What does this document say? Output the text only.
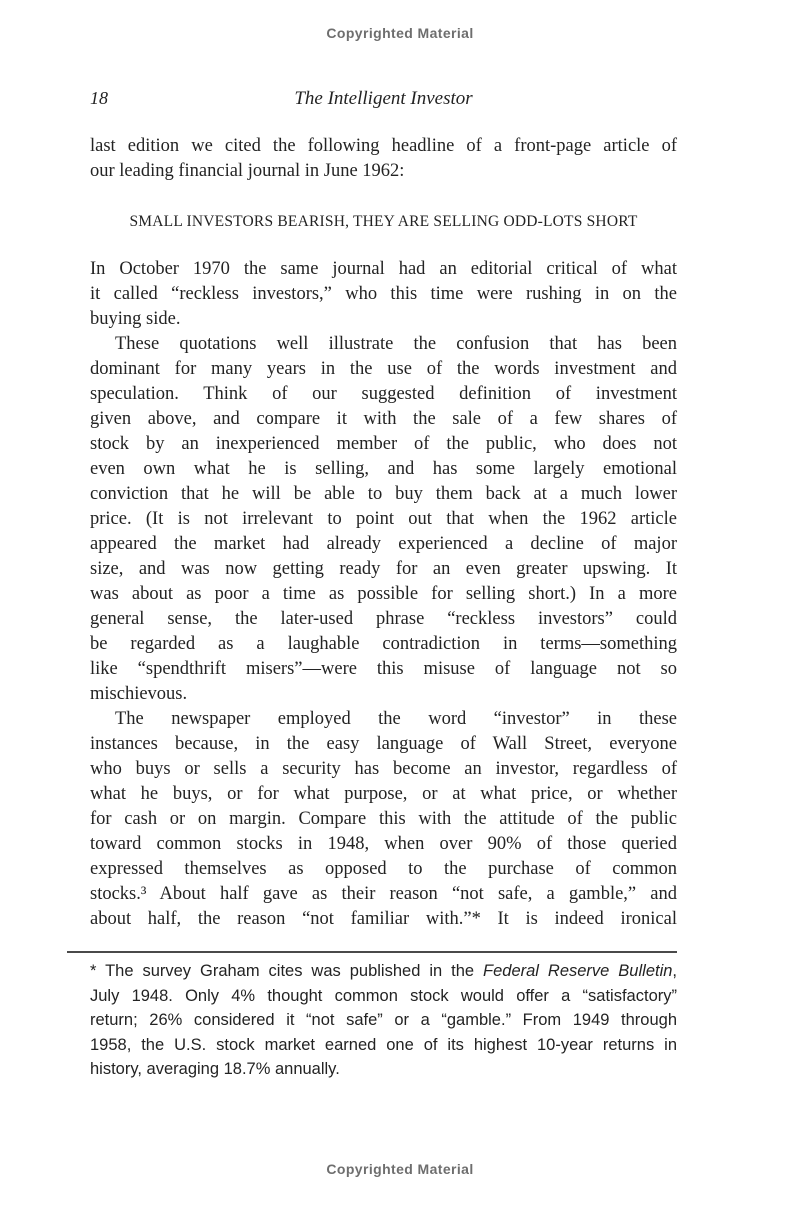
Copyrighted Material
18	The Intelligent Investor

last edition we cited the following headline of a front-page article of
our leading financial journal in June 1962:

SMALL INVESTORS BEARISH, THEY ARE SELLING ODD-LOTS SHORT

In October 1970 the same journal had an editorial critical of what
it called “reckless investors,” who this time were rushing in on the
buying side.

These quotations well illustrate the confusion that has been
dominant for many years in the use of the words investment and
speculation. Think of our suggested definition of investment
given above, and compare it with the sale of a few shares of
stock by an inexperienced member of the public, who does not
even own what he is selling, and has some largely emotional
conviction that he will be able to buy them back at a much lower
price. (It is not irrelevant to point out that when the 1962 article
appeared the market had already experienced a decline of major
size, and was now getting ready for an even greater upswing. It
was about as poor a time as possible for selling short.) In a more
general sense, the later-used phrase “reckless investors” could
be regarded as a laughable contradiction in terms—something
like “spendthrift misers”—were this misuse of language not so
mischievous.

The newspaper employed the word “investor” in these
instances because, in the easy language of Wall Street, everyone
who buys or sells a security has become an investor, regardless of
what he buys, or for what purpose, or at what price, or whether
for cash or on margin. Compare this with the attitude of the public
toward common stocks in 1948, when over 90% of those queried
expressed themselves as opposed to the purchase of common
stocks.³ About half gave as their reason “not safe, a gamble,” and
about half, the reason “not familiar with.”* It is indeed ironical

* The survey Graham cites was published in the Federal Reserve Bulletin,
July 1948. Only 4% thought common stock would offer a “satisfactory”
return; 26% considered it “not safe” or a “gamble.” From 1949 through
1958, the U.S. stock market earned one of its highest 10-year returns in
history, averaging 18.7% annually.
Copyrighted Material
